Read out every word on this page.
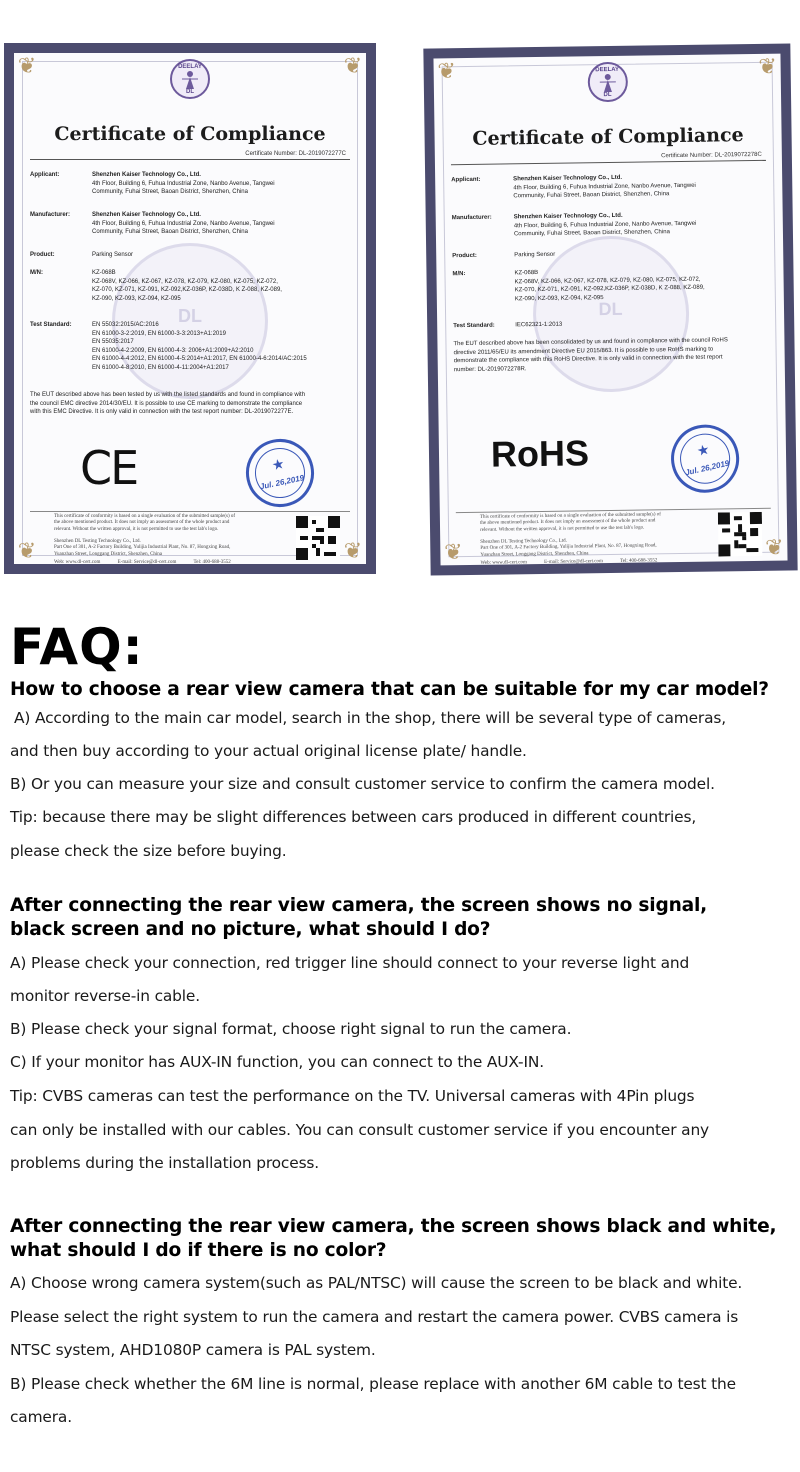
❦	❦
❦	❦
DL
DEELAY
DL
Certificate of Compliance
Certificate Number: DL-2019072277C
Applicant:	Shenzhen Kaiser Technology Co., Ltd.
4th Floor, Building 6, Fuhua Industrial Zone, Nanbo Avenue, Tangwei
Community, Fuhai Street, Baoan District, Shenzhen, China
Manufacturer:	Shenzhen Kaiser Technology Co., Ltd.
4th Floor, Building 6, Fuhua Industrial Zone, Nanbo Avenue, Tangwei
Community, Fuhai Street, Baoan District, Shenzhen, China
Product:	Parking Sensor
M/N:	KZ-068B
KZ-068V, KZ-066, KZ-067, KZ-078, KZ-079, KZ-080, KZ-075, KZ-072,
KZ-070, KZ-071, KZ-091, KZ-092,KZ-036P, KZ-038D, K Z-088, KZ-089,
KZ-090, KZ-093, KZ-094, KZ-095
Test Standard:	EN 55032:2015/AC:2016
EN 61000-3-2:2019, EN 61000-3-3:2013+A1:2019
EN 55035:2017
EN 61000-4-2:2009, EN 61000-4-3: 2006+A1:2009+A2:2010
EN 61000-4-4:2012, EN 61000-4-5:2014+A1:2017, EN 61000-4-6:2014/AC:2015
EN 61000-4-8:2010, EN 61000-4-11:2004+A1:2017
The EUT described above has been tested by us with the listed standards and found in compliance with
the council EMC directive 2014/30/EU. It is possible to use CE marking to demonstrate the compliance
with this EMC Directive. It is only valid in connection with the test report number: DL-2019072277E.
CE	★
Jul. 26,2019
This certificate of conformity is based on a single evaluation of the submitted sample(s) of
the above mentioned product. It does not imply an assessment of the whole product and
relevant. Without the written approval, it is not permitted to use the test lab's logo.
Shenzhen DL Testing Technology Co., Ltd.
Part One of 301, A-2 Factory Building, Yulijia Industrial Plant, No. 87, Hongxing Road,
Yuanzhan Street, Longgang District, Shenzhen, China
Web: www.dl-cert.com	E-mail: Service@dl-cert.com	Tel: 400-688-3552
❦	❦
❦	❦
DL
DEELAY
DL
Certificate of Compliance
Certificate Number: DL-2019072278C
Applicant:	Shenzhen Kaiser Technology Co., Ltd.
4th Floor, Building 6, Fuhua Industrial Zone, Nanbo Avenue, Tangwei
Community, Fuhai Street, Baoan District, Shenzhen, China
Manufacturer:	Shenzhen Kaiser Technology Co., Ltd.
4th Floor, Building 6, Fuhua Industrial Zone, Nanbo Avenue, Tangwei
Community, Fuhai Street, Baoan District, Shenzhen, China
Product:	Parking Sensor
M/N:	KZ-068B
KZ-068V, KZ-066, KZ-067, KZ-078, KZ-079, KZ-080, KZ-075, KZ-072,
KZ-070, KZ-071, KZ-091, KZ-092,KZ-036P, KZ-038D, K Z-088, KZ-089,
KZ-090, KZ-093, KZ-094, KZ-095
Test Standard:	IEC62321-1:2013
The EUT described above has been consolidated by us and found in compliance with the council RoHS
directive 2011/65/EU its amendment Directive EU 2015/863. It is possible to use RoHS marking to
demonstrate the compliance with this RoHS Directive. It is only valid in connection with the test report
number: DL-2019072278R.
RoHS	★
Jul. 26,2019
This certificate of conformity is based on a single evaluation of the submitted sample(s) of
the above mentioned product. It does not imply an assessment of the whole product and
relevant. Without the written approval, it is not permitted to use the test lab's logo.
Shenzhen DL Testing Technology Co., Ltd.
Part One of 301, A-2 Factory Building, Yulijia Industrial Plant, No. 87, Hongxing Road,
Yuanzhan Street, Longgang District, Shenzhen, China
Web: www.dl-cert.com	E-mail: Service@dl-cert.com	Tel: 400-688-3552
FAQ:
How to choose a rear view camera that can be suitable for my car model?

A) According to the main car model, search in the shop, there will be several type of cameras,

and then buy according to your actual original license plate/ handle.

B) Or you can measure your size and consult customer service to confirm the camera model.

Tip: because there may be slight differences between cars produced in different countries,

please check the size before buying.

After connecting the rear view camera, the screen shows no signal,
black screen and no picture, what should I do?

A) Please check your connection, red trigger line should connect to your reverse light and

monitor reverse-in cable.

B) Please check your signal format, choose right signal to run the camera.

C) If your monitor has AUX-IN function, you can connect to the AUX-IN.

Tip: CVBS cameras can test the performance on the TV. Universal cameras with 4Pin plugs

can only be installed with our cables. You can consult customer service if you encounter any

problems during the installation process.

After connecting the rear view camera, the screen shows black and white,
what should I do if there is no color?

A) Choose wrong camera system(such as PAL/NTSC) will cause the screen to be black and white.

Please select the right system to run the camera and restart the camera power. CVBS camera is

NTSC system, AHD1080P camera is PAL system.

B) Please check whether the 6M line is normal, please replace with another 6M cable to test the

camera.
